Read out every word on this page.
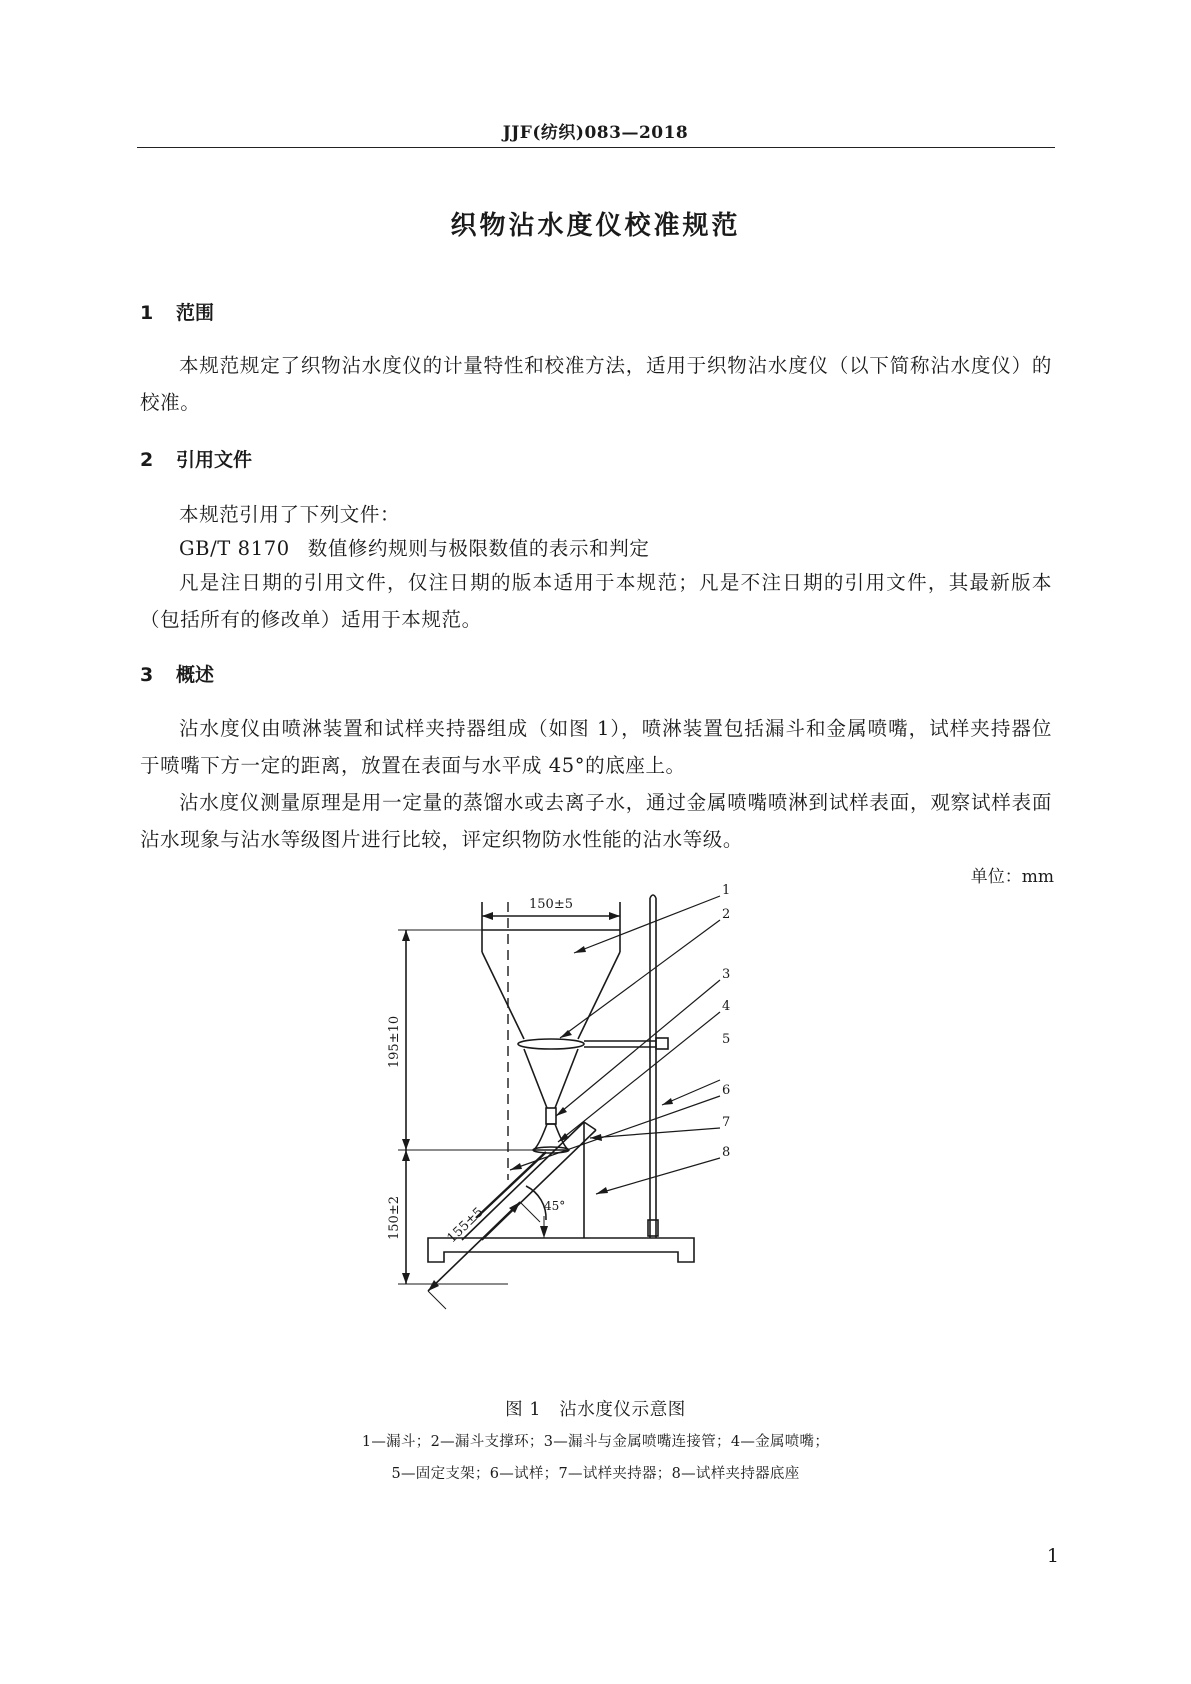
JJF(纺织)083—2018
织物沾水度仪校准规范
1 范围
本规范规定了织物沾水度仪的计量特性和校准方法，适用于织物沾水度仪（以下简称沾水度仪）的校准。
2 引用文件
本规范引用了下列文件：
GB/T 8170 数值修约规则与极限数值的表示和判定
凡是注日期的引用文件，仅注日期的版本适用于本规范；凡是不注日期的引用文件，其最新版本（包括所有的修改单）适用于本规范。
3 概述
沾水度仪由喷淋装置和试样夹持器组成（如图 1），喷淋装置包括漏斗和金属喷嘴，试样夹持器位于喷嘴下方一定的距离，放置在表面与水平成 45°的底座上。
沾水度仪测量原理是用一定量的蒸馏水或去离子水，通过金属喷嘴喷淋到试样表面，观察试样表面沾水现象与沾水等级图片进行比较，评定织物防水性能的沾水等级。
单位：mm
150±5
195±10
150±2	155±5	45°
1
2
3
4
5
6
7
8
图 1　沾水度仪示意图
1—漏斗；2—漏斗支撑环；3—漏斗与金属喷嘴连接管；4—金属喷嘴；
5—固定支架；6—试样；7—试样夹持器；8—试样夹持器底座
1
